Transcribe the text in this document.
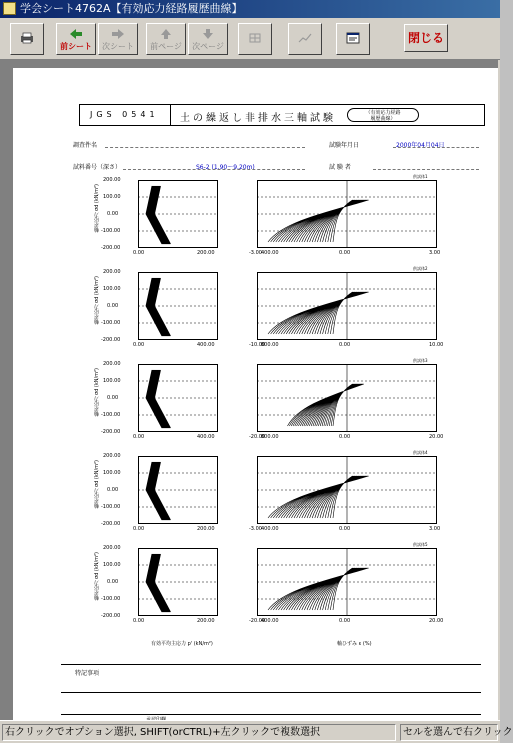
学会シート4762A【有効応力経路履歴曲線】
前シート 次シート 前ページ 次ページ
閉じる
JGS 0541 土の繰返し非排水三軸試験	（有効応力経路
履歴曲線）
調査件名	試験年月日	2000年04月04日
試料番号（深さ）	S6-2 (1.90～9.20m)	試 験 者
軸差応力 σd (kN/m²)
200.00
100.00
0.00
-100.00
-200.00
0.00	200.00	400.00
-3.00	0.00	3.00
供試体1
軸差応力 σd (kN/m²)
200.00
100.00
0.00
-100.00
-200.00
0.00	400.00	800.00
-10.00	0.00	10.00
供試体2
軸差応力 σd (kN/m²)
200.00
100.00
0.00
-100.00
-200.00
0.00	400.00	800.00
-20.00	0.00	20.00
供試体3
軸差応力 σd (kN/m²)
200.00
100.00
0.00
-100.00
-200.00
0.00	200.00	400.00
-3.00	0.00	3.00
供試体4
軸差応力 σd (kN/m²)
200.00
100.00
0.00
-100.00
-200.00
0.00	200.00	400.00
-20.00	0.00	20.00
供試体5
有効平均主応力 p' (kN/m²)	軸ひずみ ε (%)
特記事項
右クリックでオプション選択, SHIFT(orCTRL)+左クリックで複数選択	セルを選んで右クリック
